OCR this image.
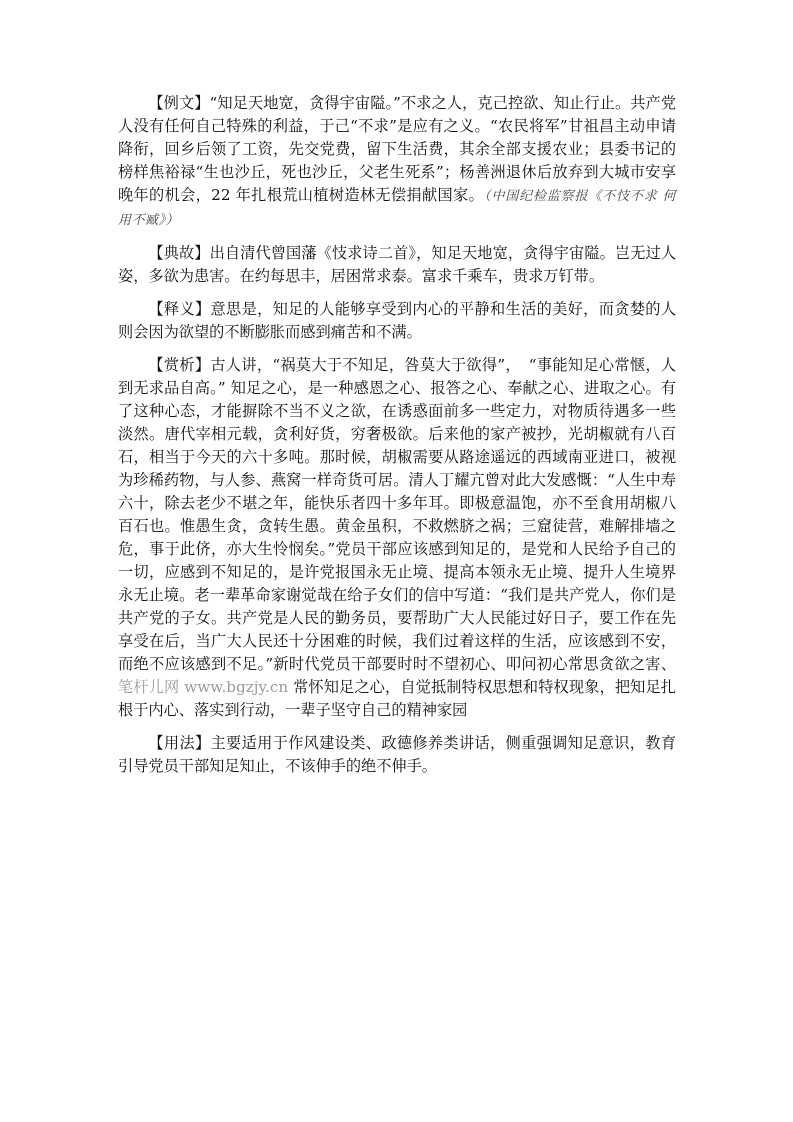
【例文】“知足天地宽，贪得宇宙隘。”不求之人，克己控欲、知止行止。共产党人没有任何自己特殊的利益，于己“不求”是应有之义。“农民将军”甘祖昌主动申请降衔，回乡后领了工资，先交党费，留下生活费，其余全部支援农业；县委书记的榜样焦裕禄“生也沙丘，死也沙丘，父老生死系”；杨善洲退休后放弃到大城市安享晚年的机会，22 年扎根荒山植树造林无偿捐献国家。（中国纪检监察报《不忮不求 何用不臧》）

【典故】出自清代曾国藩《忮求诗二首》，知足天地宽，贪得宇宙隘。岂无过人姿，多欲为患害。在约每思丰，居困常求泰。富求千乘车，贵求万钉带。

【释义】意思是，知足的人能够享受到内心的平静和生活的美好，而贪婪的人则会因为欲望的不断膨胀而感到痛苦和不满。

【赏析】古人讲，“祸莫大于不知足，咎莫大于欲得”，　“事能知足心常惬，人到无求品自高。” 知足之心，是一种感恩之心、报答之心、奉献之心、进取之心。有了这种心态，才能摒除不当不义之欲，在诱惑面前多一些定力，对物质待遇多一些淡然。唐代宰相元载，贪利好货，穷奢极欲。后来他的家产被抄，光胡椒就有八百石，相当于今天的六十多吨。那时候，胡椒需要从路途遥远的西域南亚进口，被视为珍稀药物，与人参、燕窝一样奇货可居。清人丁耀亢曾对此大发感慨：“人生中寿六十，除去老少不堪之年，能快乐者四十多年耳。即极意温饱，亦不至食用胡椒八百石也。惟愚生贪，贪转生愚。黄金虽积，不救燃脐之祸；三窟徒营，难解排墙之危，事于此侪，亦大生怜悯矣。”党员干部应该感到知足的，是党和人民给予自己的一切，应感到不知足的，是许党报国永无止境、提高本领永无止境、提升人生境界永无止境。老一辈革命家谢觉哉在给子女们的信中写道：“我们是共产党人，你们是共产党的子女。共产党是人民的勤务员，要帮助广大人民能过好日子，要工作在先享受在后，当广大人民还十分困难的时候，我们过着这样的生活，应该感到不安，而绝不应该感到不足。”新时代党员干部要时时不望初心、叩问初心常思贪欲之害、笔杆儿网 www.bgzjy.cn 常怀知足之心，自觉抵制特权思想和特权现象，把知足扎根于内心、落实到行动，一辈子坚守自己的精神家园

【用法】主要适用于作风建设类、政德修养类讲话，侧重强调知足意识，教育引导党员干部知足知止，不该伸手的绝不伸手。
